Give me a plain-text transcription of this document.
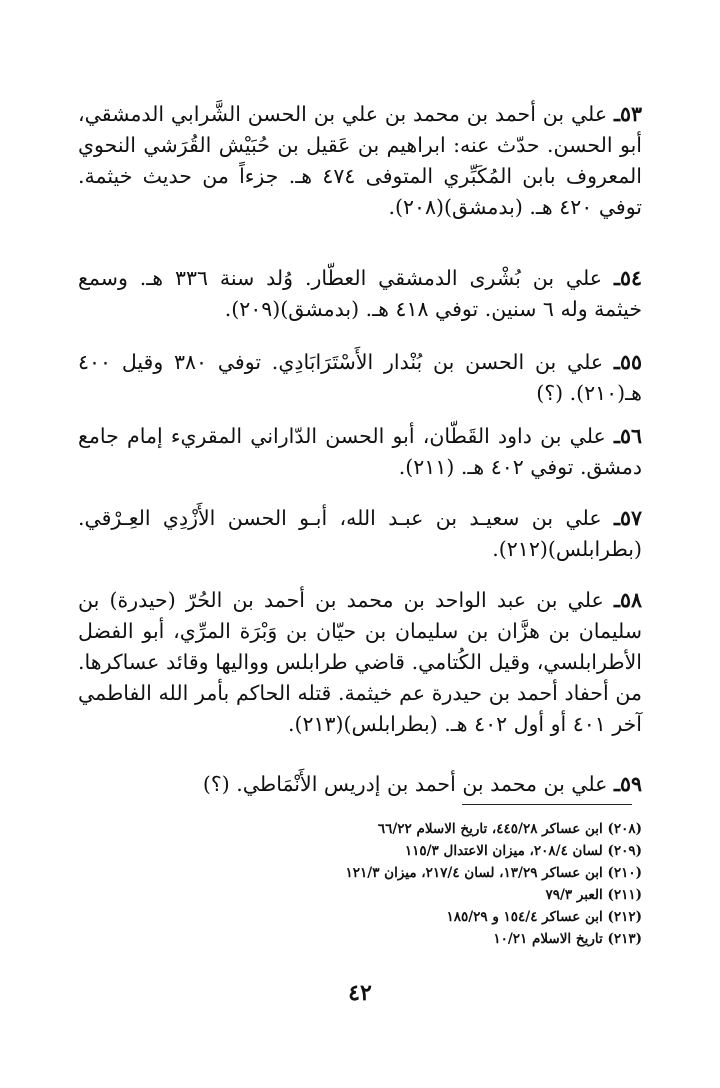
٥٣ـ علي بن أحمد بن محمد بن علي بن الحسن الشَّرابي الدمشقي، أبو الحسن. حدّث عنه: ابراهيم بن عَقيل بن حُبَيْش القُرَشي النحوي المعروف بابن المُكَبِّري المتوفى ٤٧٤ هـ. جزءاً من حديث خيثمة. توفي ٤٢٠ هـ. (بدمشق)(٢٠٨).

٥٤ـ علي بن بُشْرى الدمشقي العطّار. وُلد سنة ٣٣٦ هـ. وسمع خيثمة وله ٦ سنين. توفي ٤١٨ هـ. (بدمشق)(٢٠٩).

٥٥ـ علي بن الحسن بن بُنْدار الأَسْتَرَابَادِي. توفي ٣٨٠ وقيل ٤٠٠ هـ(٢١٠). (؟)

٥٦ـ علي بن داود القَطّان، أبو الحسن الدّاراني المقريء إمام جامع دمشق. توفي ٤٠٢ هـ. (٢١١).

٥٧ـ علي بن سعيـد بن عبـد الله، أبـو الحسن الأَزْدِي العِـرْقي. (بطرابلس)(٢١٢).

٥٨ـ علي بن عبد الواحد بن محمد بن أحمد بن الحُرّ (حيدرة) بن سليمان بن هزَّان بن سليمان بن حيّان بن وَبْرَة المرِّي، أبو الفضل الأطرابلسي، وقيل الكُتامي. قاضي طرابلس وواليها وقائد عساكرها. من أحفاد أحمد بن حيدرة عم خيثمة. قتله الحاكم بأمر الله الفاطمي آخر ٤٠١ أو أول ٤٠٢ هـ. (بطرابلس)(٢١٣).

٥٩ـ علي بن محمد بن أحمد بن إدريس الأَنْمَاطي. (؟)

(٢٠٨) ابن عساكر ٤٤٥/٢٨، تاريخ الاسلام ٦٦/٢٢
(٢٠٩) لسان ٢٠٨/٤، ميزان الاعتدال ١١٥/٣
(٢١٠) ابن عساكر ١٣/٢٩، لسان ٢١٧/٤، ميزان ١٢١/٣
(٢١١) العبر ٧٩/٣
(٢١٢) ابن عساكر ١٥٤/٤ و ١٨٥/٢٩
(٢١٣) تاريخ الاسلام ١٠/٢١
٤٢
